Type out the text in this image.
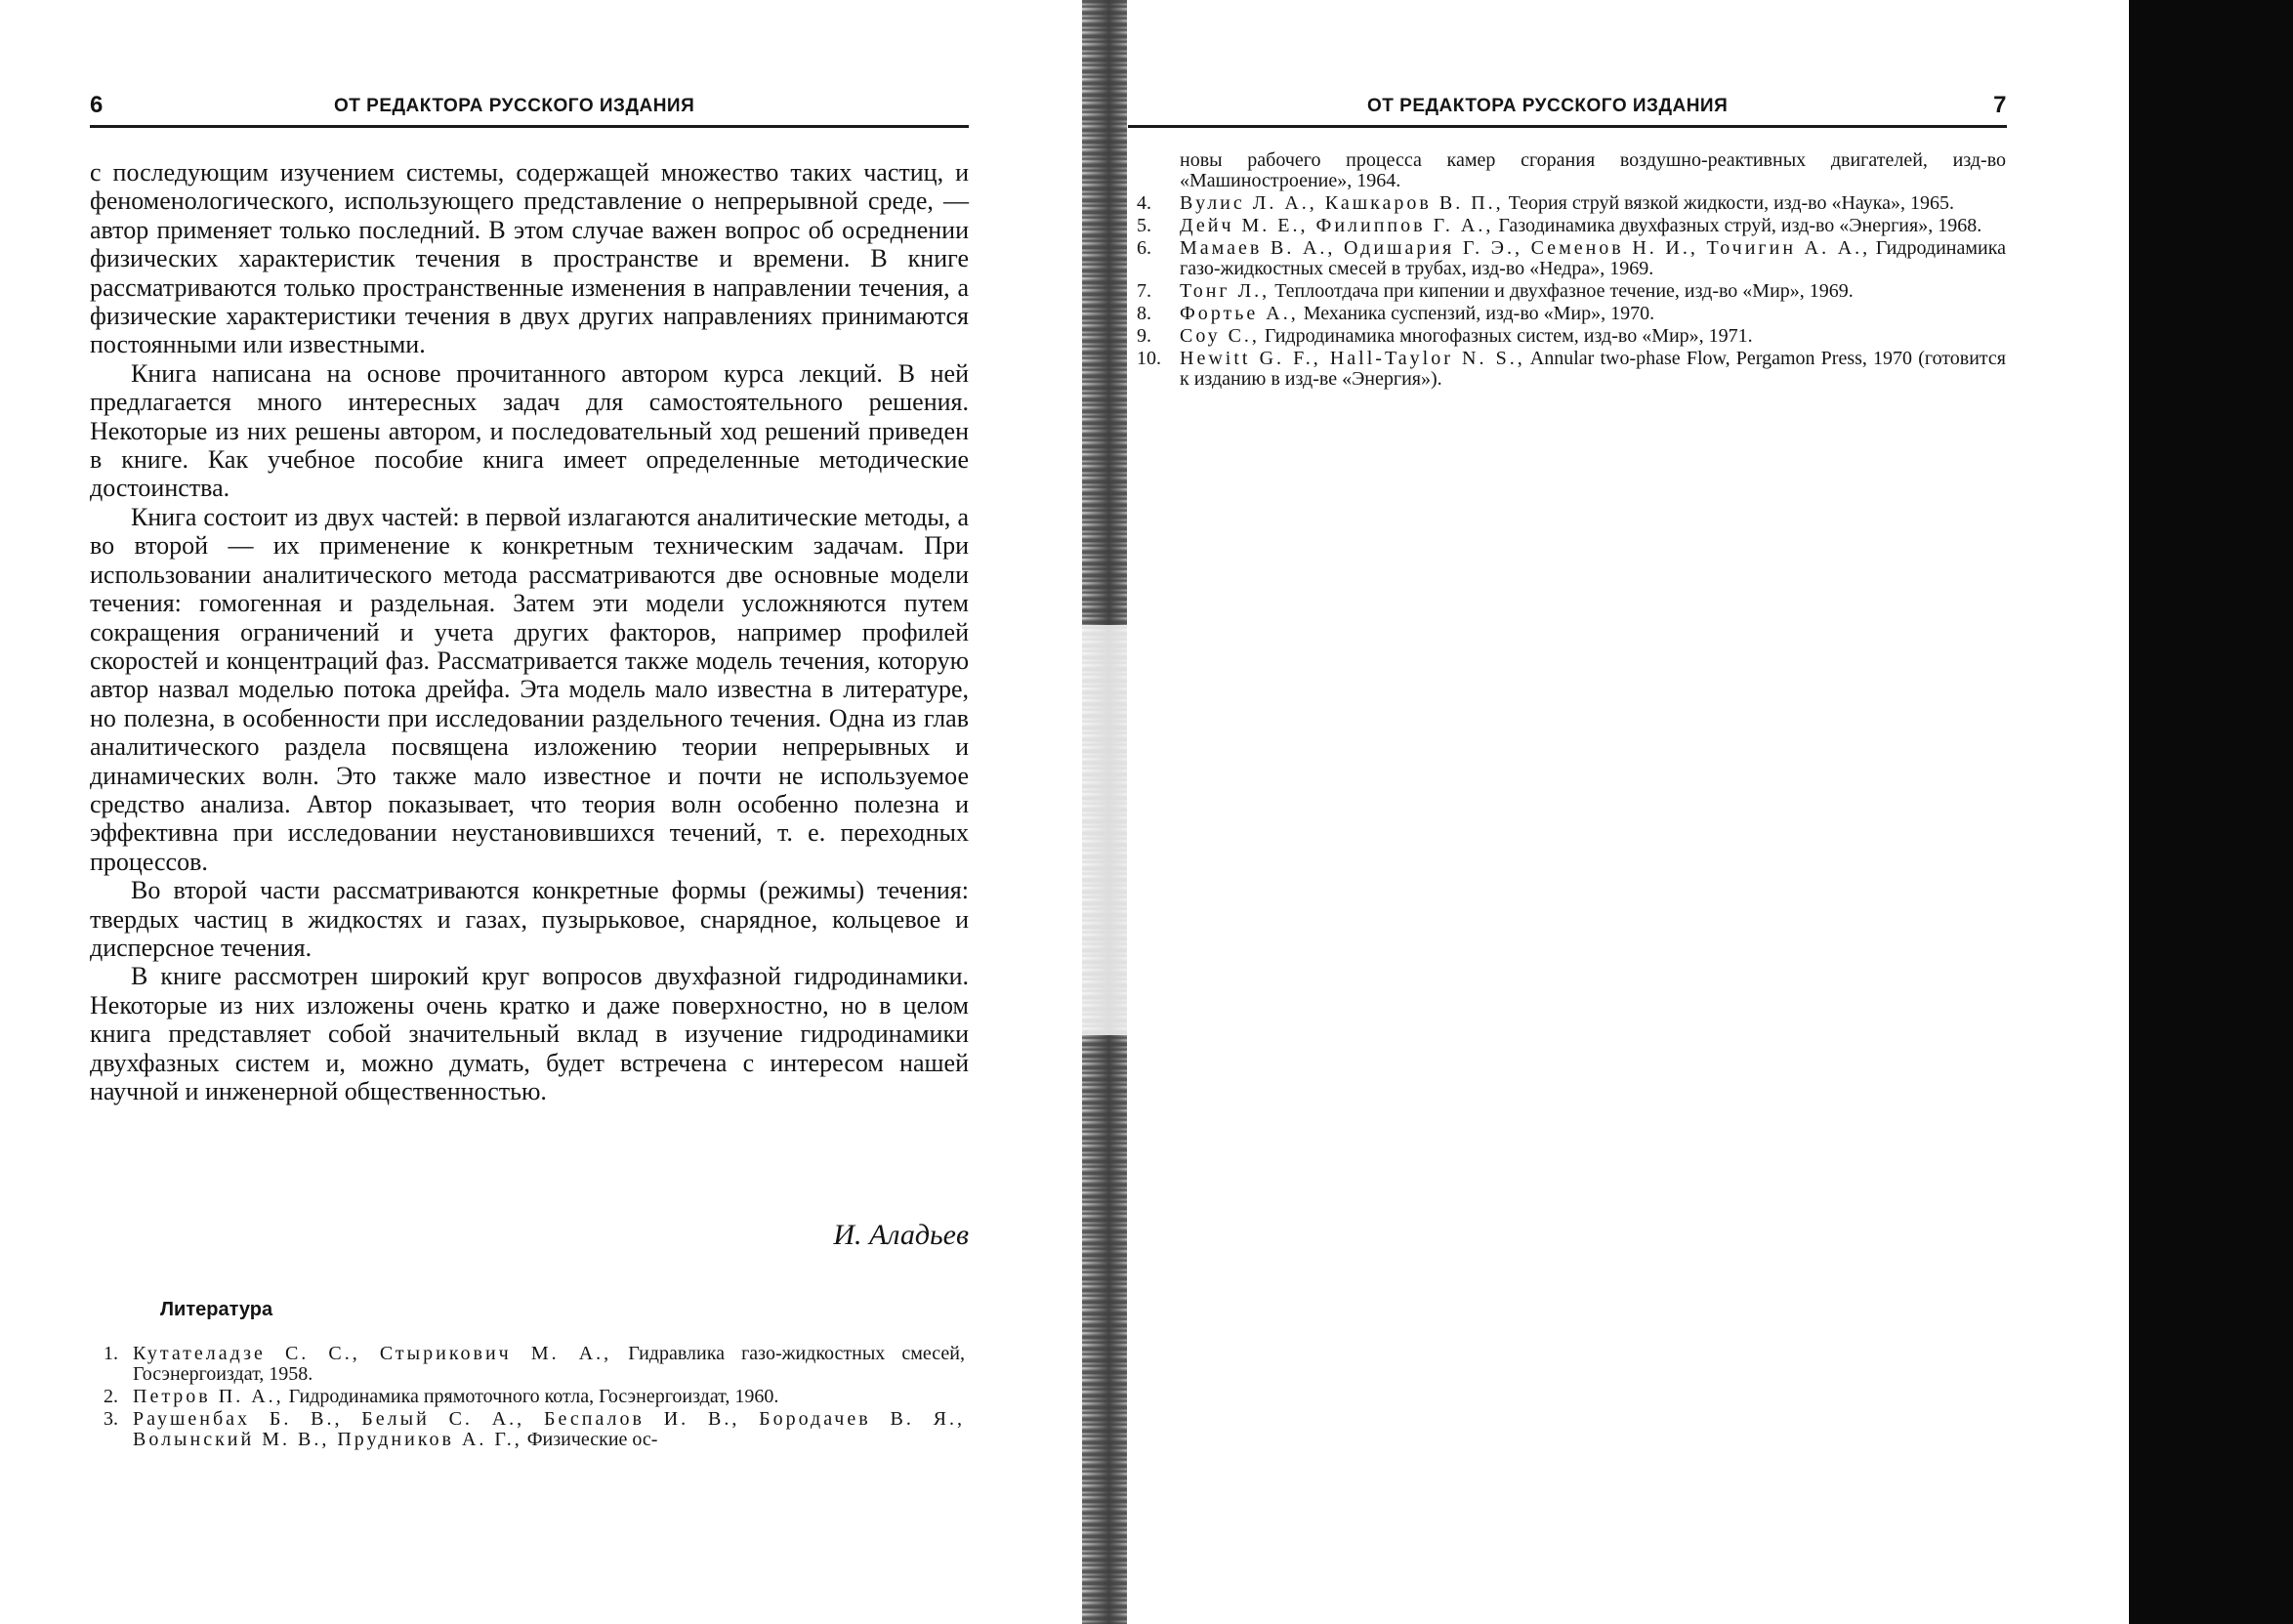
6	ОТ РЕДАКТОРА РУССКОГО ИЗДАНИЯ	ОТ РЕДАКТОРА РУССКОГО ИЗДАНИЯ	7

с последующим изучением системы, содержащей множество таких частиц, и феноменологического, использующего представление о непрерывной среде, — автор применяет только последний. В этом случае важен вопрос об осреднении физических характеристик течения в пространстве и времени. В книге рассматриваются только пространственные изменения в направлении течения, а физические характеристики течения в двух других направлениях принимаются постоянными или известными.

Книга написана на основе прочитанного автором курса лекций. В ней предлагается много интересных задач для самостоятельного решения. Некоторые из них решены автором, и последовательный ход решений приведен в книге. Как учебное пособие книга имеет определенные методические достоинства.

Книга состоит из двух частей: в первой излагаются аналитические методы, а во второй — их применение к конкретным техническим задачам. При использовании аналитического метода рассматриваются две основные модели течения: гомогенная и раздельная. Затем эти модели усложняются путем сокращения ограничений и учета других факторов, например профилей скоростей и концентраций фаз. Рассматривается также модель течения, которую автор назвал моделью потока дрейфа. Эта модель мало известна в литературе, но полезна, в особенности при исследовании раздельного течения. Одна из глав аналитического раздела посвящена изложению теории непрерывных и динамических волн. Это также мало известное и почти не используемое средство анализа. Автор показывает, что теория волн особенно полезна и эффективна при исследовании неустановившихся течений, т. е. переходных процессов.

Во второй части рассматриваются конкретные формы (режимы) течения: твердых частиц в жидкостях и газах, пузырьковое, снарядное, кольцевое и дисперсное течения.

В книге рассмотрен широкий круг вопросов двухфазной гидродинамики. Некоторые из них изложены очень кратко и даже поверхностно, но в целом книга представляет собой значительный вклад в изучение гидродинамики двухфазных систем и, можно думать, будет встречена с интересом нашей научной и инженерной общественностью.

И. Аладьев
Литература
1. Кутателадзе С. С., Стырикович М. А., Гидравлика газо-жидкостных смесей, Госэнергоиздат, 1958.
2. Петров П. А., Гидродинамика прямоточного котла, Госэнергоиздат, 1960.
3. Раушенбах Б. В., Белый С. А., Беспалов И. В., Бородачев В. Я., Волынский М. В., Прудников А. Г., Физические ос-
новы рабочего процесса камер сгорания воздушно-реактивных двигателей, изд-во «Машиностроение», 1964.
4. Вулис Л. А., Кашкаров В. П., Теория струй вязкой жидкости, изд-во «Наука», 1965.
5. Дейч М. Е., Филиппов Г. А., Газодинамика двухфазных струй, изд-во «Энергия», 1968.
6. Мамаев В. А., Одишария Г. Э., Семенов Н. И., Точигин А. А., Гидродинамика газо-жидкостных смесей в трубах, изд-во «Недра», 1969.
7. Тонг Л., Теплоотдача при кипении и двухфазное течение, изд-во «Мир», 1969.
8. Фортье А., Механика суспензий, изд-во «Мир», 1970.
9. Соу С., Гидродинамика многофазных систем, изд-во «Мир», 1971.
10. Hewitt G. F., Hall-Taylor N. S., Annular two-phase Flow, Pergamon Press, 1970 (готовится к изданию в изд-ве «Энергия»).
